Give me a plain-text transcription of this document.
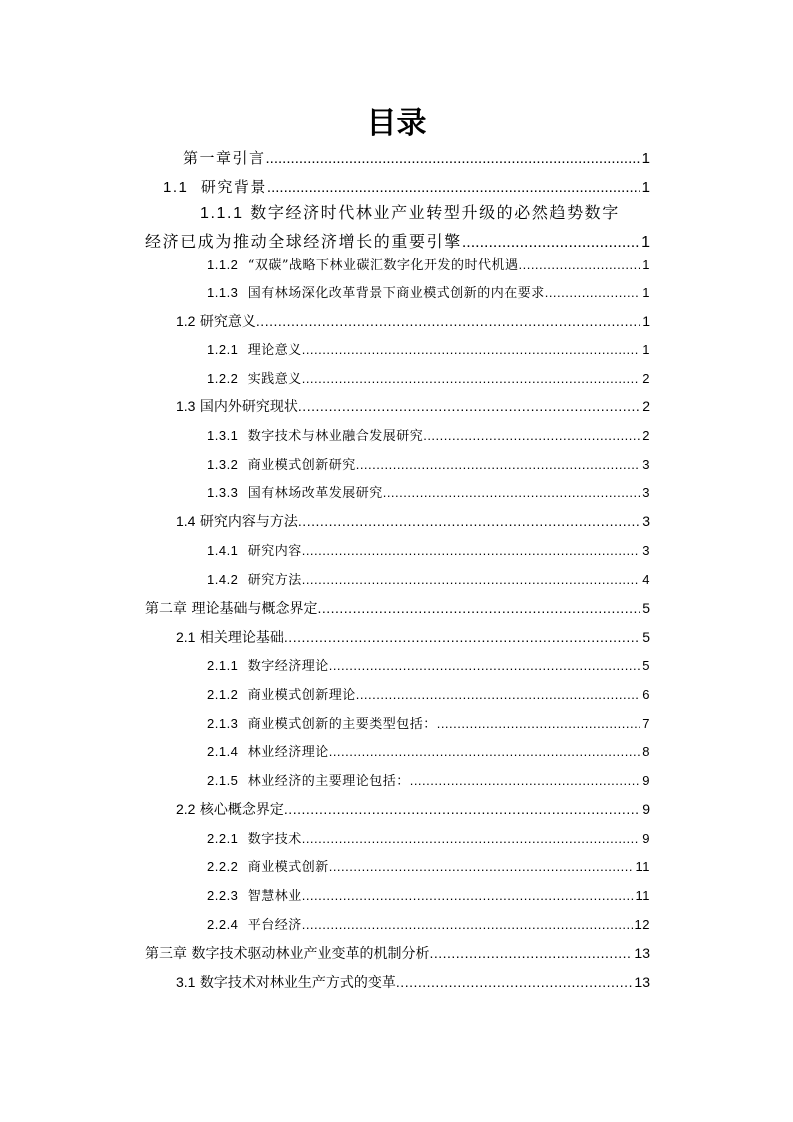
目录
第一章引言 .....	1
1.1 研究背景 .....	1
1.1.1 数字经济时代林业产业转型升级的必然趋势数字
经济已成为推动全球经济增长的重要引擎 .....	1
1.1.2 “双碳”战略下林业碳汇数字化开发的时代机遇 .....	1
1.1.3 国有林场深化改革背景下商业模式创新的内在要求 .....	1
1.2 研究意义 .....	1
1.2.1 理论意义 .....	1
1.2.2 实践意义 .....	2
1.3 国内外研究现状 .....	2
1.3.1 数字技术与林业融合发展研究 .....	2
1.3.2 商业模式创新研究 .....	3
1.3.3 国有林场改革发展研究 .....	3
1.4 研究内容与方法 .....	3
1.4.1 研究内容 .....	3
1.4.2 研究方法 .....	4
第二章 理论基础与概念界定 .....	5
2.1 相关理论基础 .....	5
2.1.1 数字经济理论 .....	5
2.1.2 商业模式创新理论 .....	6
2.1.3 商业模式创新的主要类型包括： .....	7
2.1.4 林业经济理论 .....	8
2.1.5 林业经济的主要理论包括： .....	9
2.2 核心概念界定 .....	9
2.2.1 数字技术 .....	9
2.2.2 商业模式创新 .....	11
2.2.3 智慧林业 .....	11
2.2.4 平台经济 .....	12
第三章 数字技术驱动林业产业变革的机制分析 .....	13
3.1 数字技术对林业生产方式的变革 .....	13
